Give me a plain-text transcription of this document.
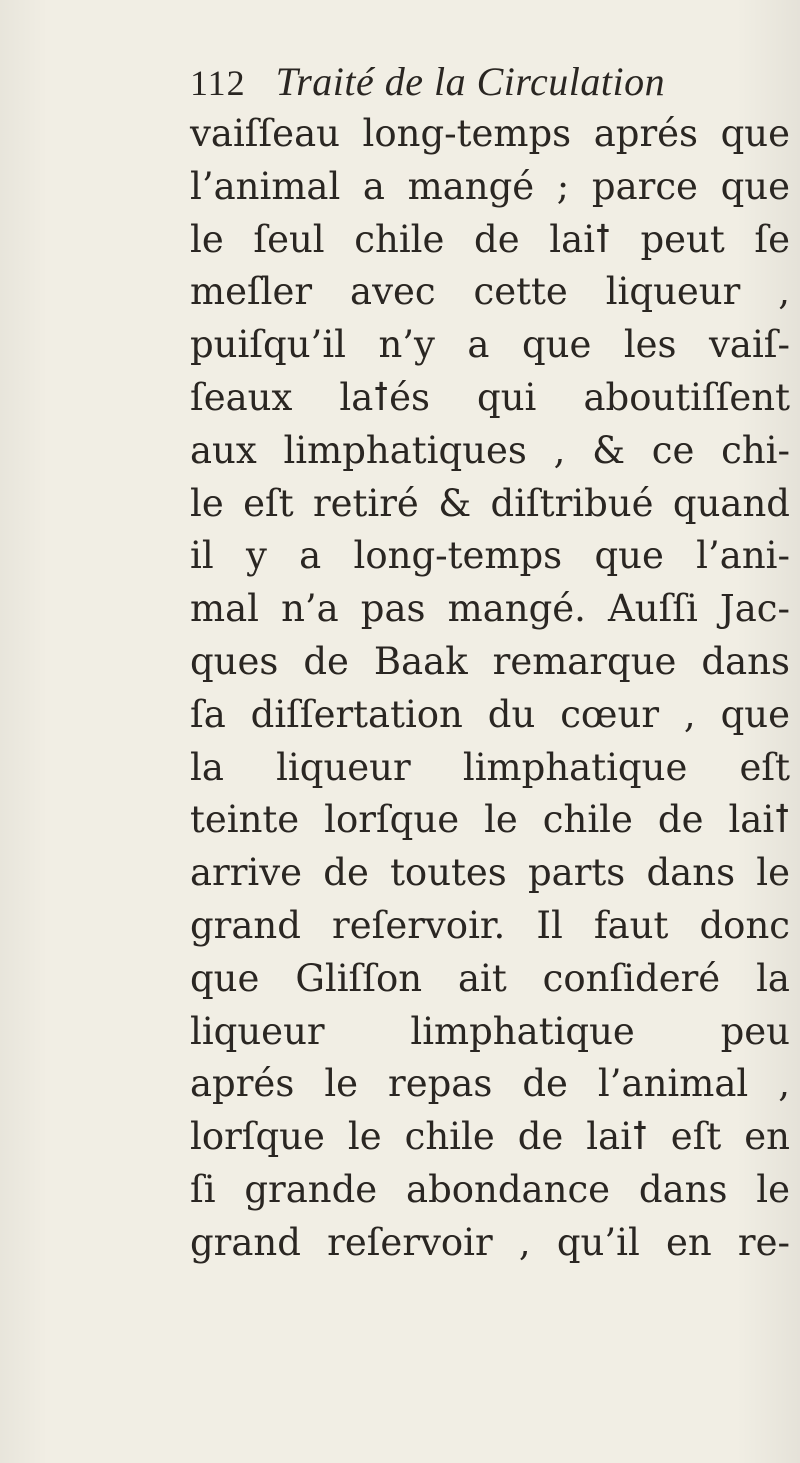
112 Traité de la Circulation
vaiſſeau long-temps aprés que
l’animal a mangé ; parce que
le ſeul chile de laiꝉ peut ſe
meſler avec cette liqueur ,
puiſqu’il n’y a que les vaiſ-
ſeaux laꝉés qui aboutiſſent
aux limphatiques , & ce chi-
le eſt retiré & diſtribué quand
il y a long-temps que l’ani-
mal n’a pas mangé. Auſſi Jac-
ques de Baak remarque dans
ſa diſſertation du cœur , que
la liqueur limphatique eſt
teinte lorſque le chile de laiꝉ
arrive de toutes parts dans le
grand reſervoir. Il faut donc
que Gliſſon ait conſideré la
liqueur limphatique peu
aprés le repas de l’animal ,
lorſque le chile de laiꝉ eſt en
ſi grande abondance dans le
grand reſervoir , qu’il en re-
